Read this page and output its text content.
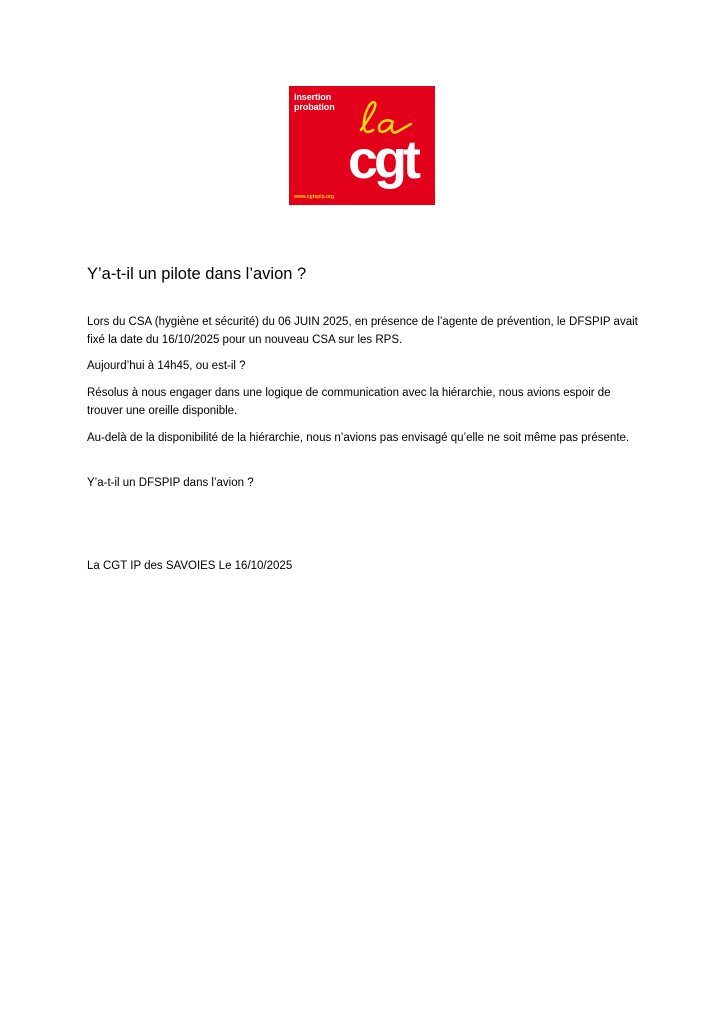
insertion
probation
cgt
www.cgtspip.org
Y’a-t-il un pilote dans l’avion ?

Lors du CSA (hygiène et sécurité) du 06 JUIN 2025, en présence de l’agente de prévention, le DFSPIP avait fixé la date du 16/10/2025 pour un nouveau CSA sur les RPS.

Aujourd’hui à 14h45, ou est-il ?

Résolus à nous engager dans une logique de communication avec la hiérarchie, nous avions espoir de trouver une oreille disponible.

Au-delà de la disponibilité de la hiérarchie, nous n’avions pas envisagé qu’elle ne soit même pas présente.

Y’a-t-il un DFSPIP dans l’avion ?

La CGT IP des SAVOIES Le 16/10/2025
